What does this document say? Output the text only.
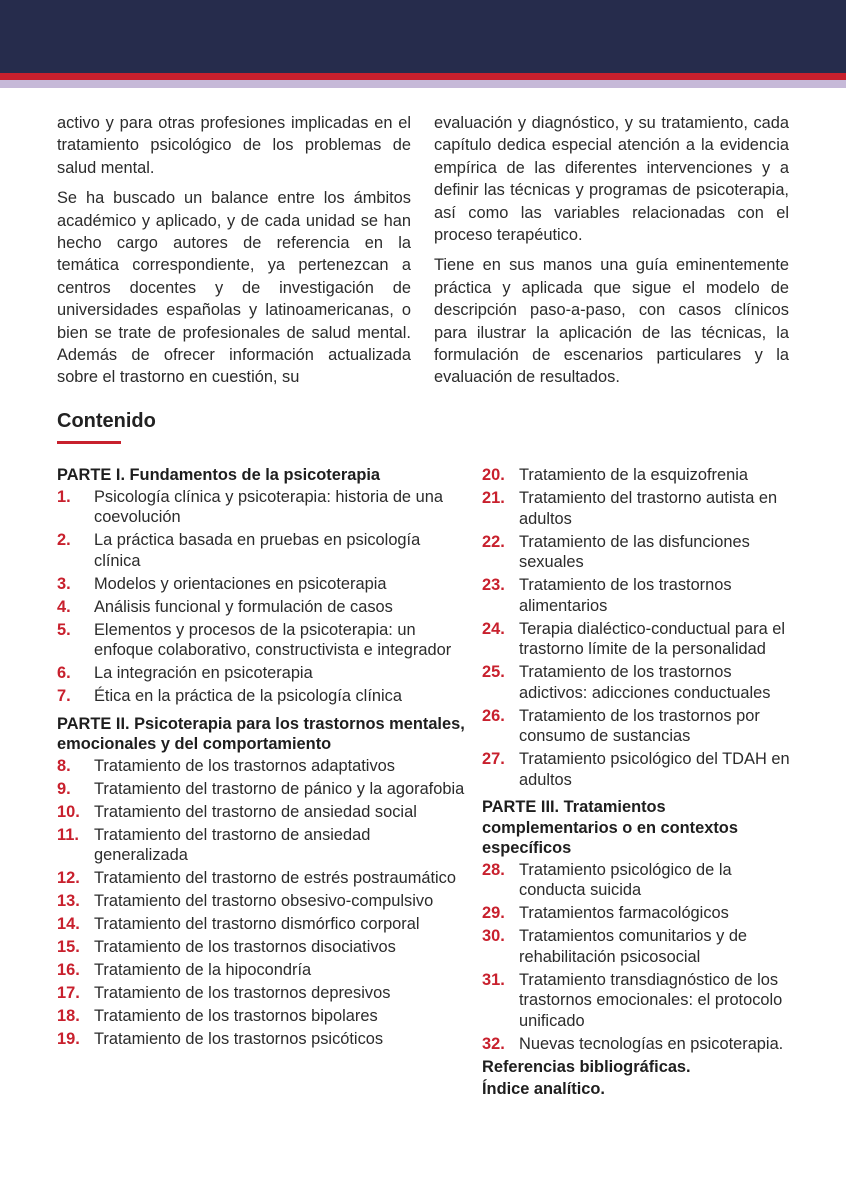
activo y para otras profesiones implicadas en el tratamiento psicológico de los problemas de salud mental.

Se ha buscado un balance entre los ámbitos académico y aplicado, y de cada unidad se han hecho cargo autores de referencia en la temática correspondiente, ya pertenezcan a centros docentes y de investigación de universidades españolas y latinoamericanas, o bien se trate de profesionales de salud mental. Además de ofrecer información actualizada sobre el trastorno en cuestión, su

evaluación y diagnóstico, y su tratamiento, cada capítulo dedica especial atención a la evidencia empírica de las diferentes intervenciones y a definir las técnicas y programas de psicoterapia, así como las variables relacionadas con el proceso terapéutico.

Tiene en sus manos una guía eminentemente práctica y aplicada que sigue el modelo de descripción paso-a-paso, con casos clínicos para ilustrar la aplicación de las técnicas, la formulación de escenarios particulares y la evaluación de resultados.

Contenido
PARTE I. Fundamentos de la psicoterapia
1.	Psicología clínica y psicoterapia: historia de una coevolución
2.	La práctica basada en pruebas en psicología clínica
3.	Modelos y orientaciones en psicoterapia
4.	Análisis funcional y formulación de casos
5.	Elementos y procesos de la psicoterapia: un enfoque colaborativo, constructivista e integrador
6.	La integración en psicoterapia
7.	Ética en la práctica de la psicología clínica
PARTE II. Psicoterapia para los trastornos mentales, emocionales y del comportamiento
8.	Tratamiento de los trastornos adaptativos
9.	Tratamiento del trastorno de pánico y la agorafobia
10. Tratamiento del trastorno de ansiedad social
11. Tratamiento del trastorno de ansiedad generalizada
12. Tratamiento del trastorno de estrés postraumático
13. Tratamiento del trastorno obsesivo-compulsivo
14. Tratamiento del trastorno dismórfico corporal
15. Tratamiento de los trastornos disociativos
16. Tratamiento de la hipocondría
17. Tratamiento de los trastornos depresivos
18. Tratamiento de los trastornos bipolares
19. Tratamiento de los trastornos psicóticos
20. Tratamiento de la esquizofrenia
21. Tratamiento del trastorno autista en adultos
22. Tratamiento de las disfunciones sexuales
23. Tratamiento de los trastornos alimentarios
24. Terapia dialéctico-conductual para el trastorno límite de la personalidad
25. Tratamiento de los trastornos adictivos: adicciones conductuales
26. Tratamiento de los trastornos por consumo de sustancias
27. Tratamiento psicológico del TDAH en adultos
PARTE III. Tratamientos complementarios o en contextos específicos
28. Tratamiento psicológico de la conducta suicida
29. Tratamientos farmacológicos
30. Tratamientos comunitarios y de rehabilitación psicosocial
31. Tratamiento transdiagnóstico de los trastornos emocionales: el protocolo unificado
32. Nuevas tecnologías en psicoterapia.
Referencias bibliográficas.
Índice analítico.
